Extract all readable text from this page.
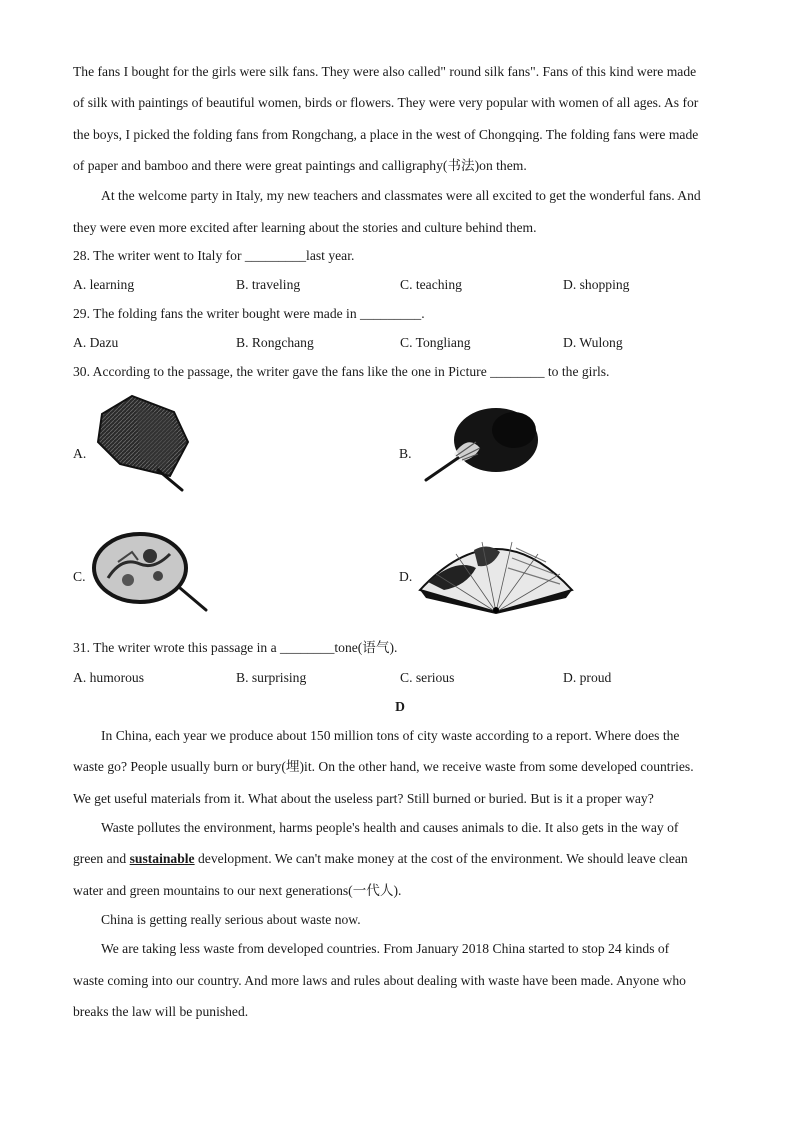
The fans I bought for the girls were silk fans. They were also called" round silk fans". Fans of this kind were made
of silk with paintings of beautiful women, birds or flowers. They were very popular with women of all ages. As for
the boys, I picked the folding fans from Rongchang, a place in the west of Chongqing. The folding fans were made
of paper and bamboo and there were great paintings and calligraphy(书法)on them.
At the welcome party in Italy, my new teachers and classmates were all excited to get the wonderful fans. And
they were even more excited after learning about the stories and culture behind them.
28. The writer went to Italy for _________last year.
A. learning	B. traveling	C. teaching	D. shopping
29. The folding fans the writer bought were made in _________.
A. Dazu	B. Rongchang	C. Tongliang	D. Wulong
30. According to the passage, the writer gave the fans like the one in Picture ________ to the girls.
A.	B.
C.	D.
31. The writer wrote this passage in a ________tone(语气).
A. humorous	B. surprising	C. serious	D. proud
D
In China, each year we produce about 150 million tons of city waste according to a report. Where does the
waste go? People usually burn or bury(埋)it. On the other hand, we receive waste from some developed countries.
We get useful materials from it. What about the useless part? Still burned or buried. But is it a proper way?
Waste pollutes the environment, harms people's health and causes animals to die. It also gets in the way of
green and sustainable development. We can't make money at the cost of the environment. We should leave clean
water and green mountains to our next generations(一代人).
China is getting really serious about waste now.
We are taking less waste from developed countries. From January 2018 China started to stop 24 kinds of
waste coming into our country. And more laws and rules about dealing with waste have been made. Anyone who
breaks the law will be punished.
